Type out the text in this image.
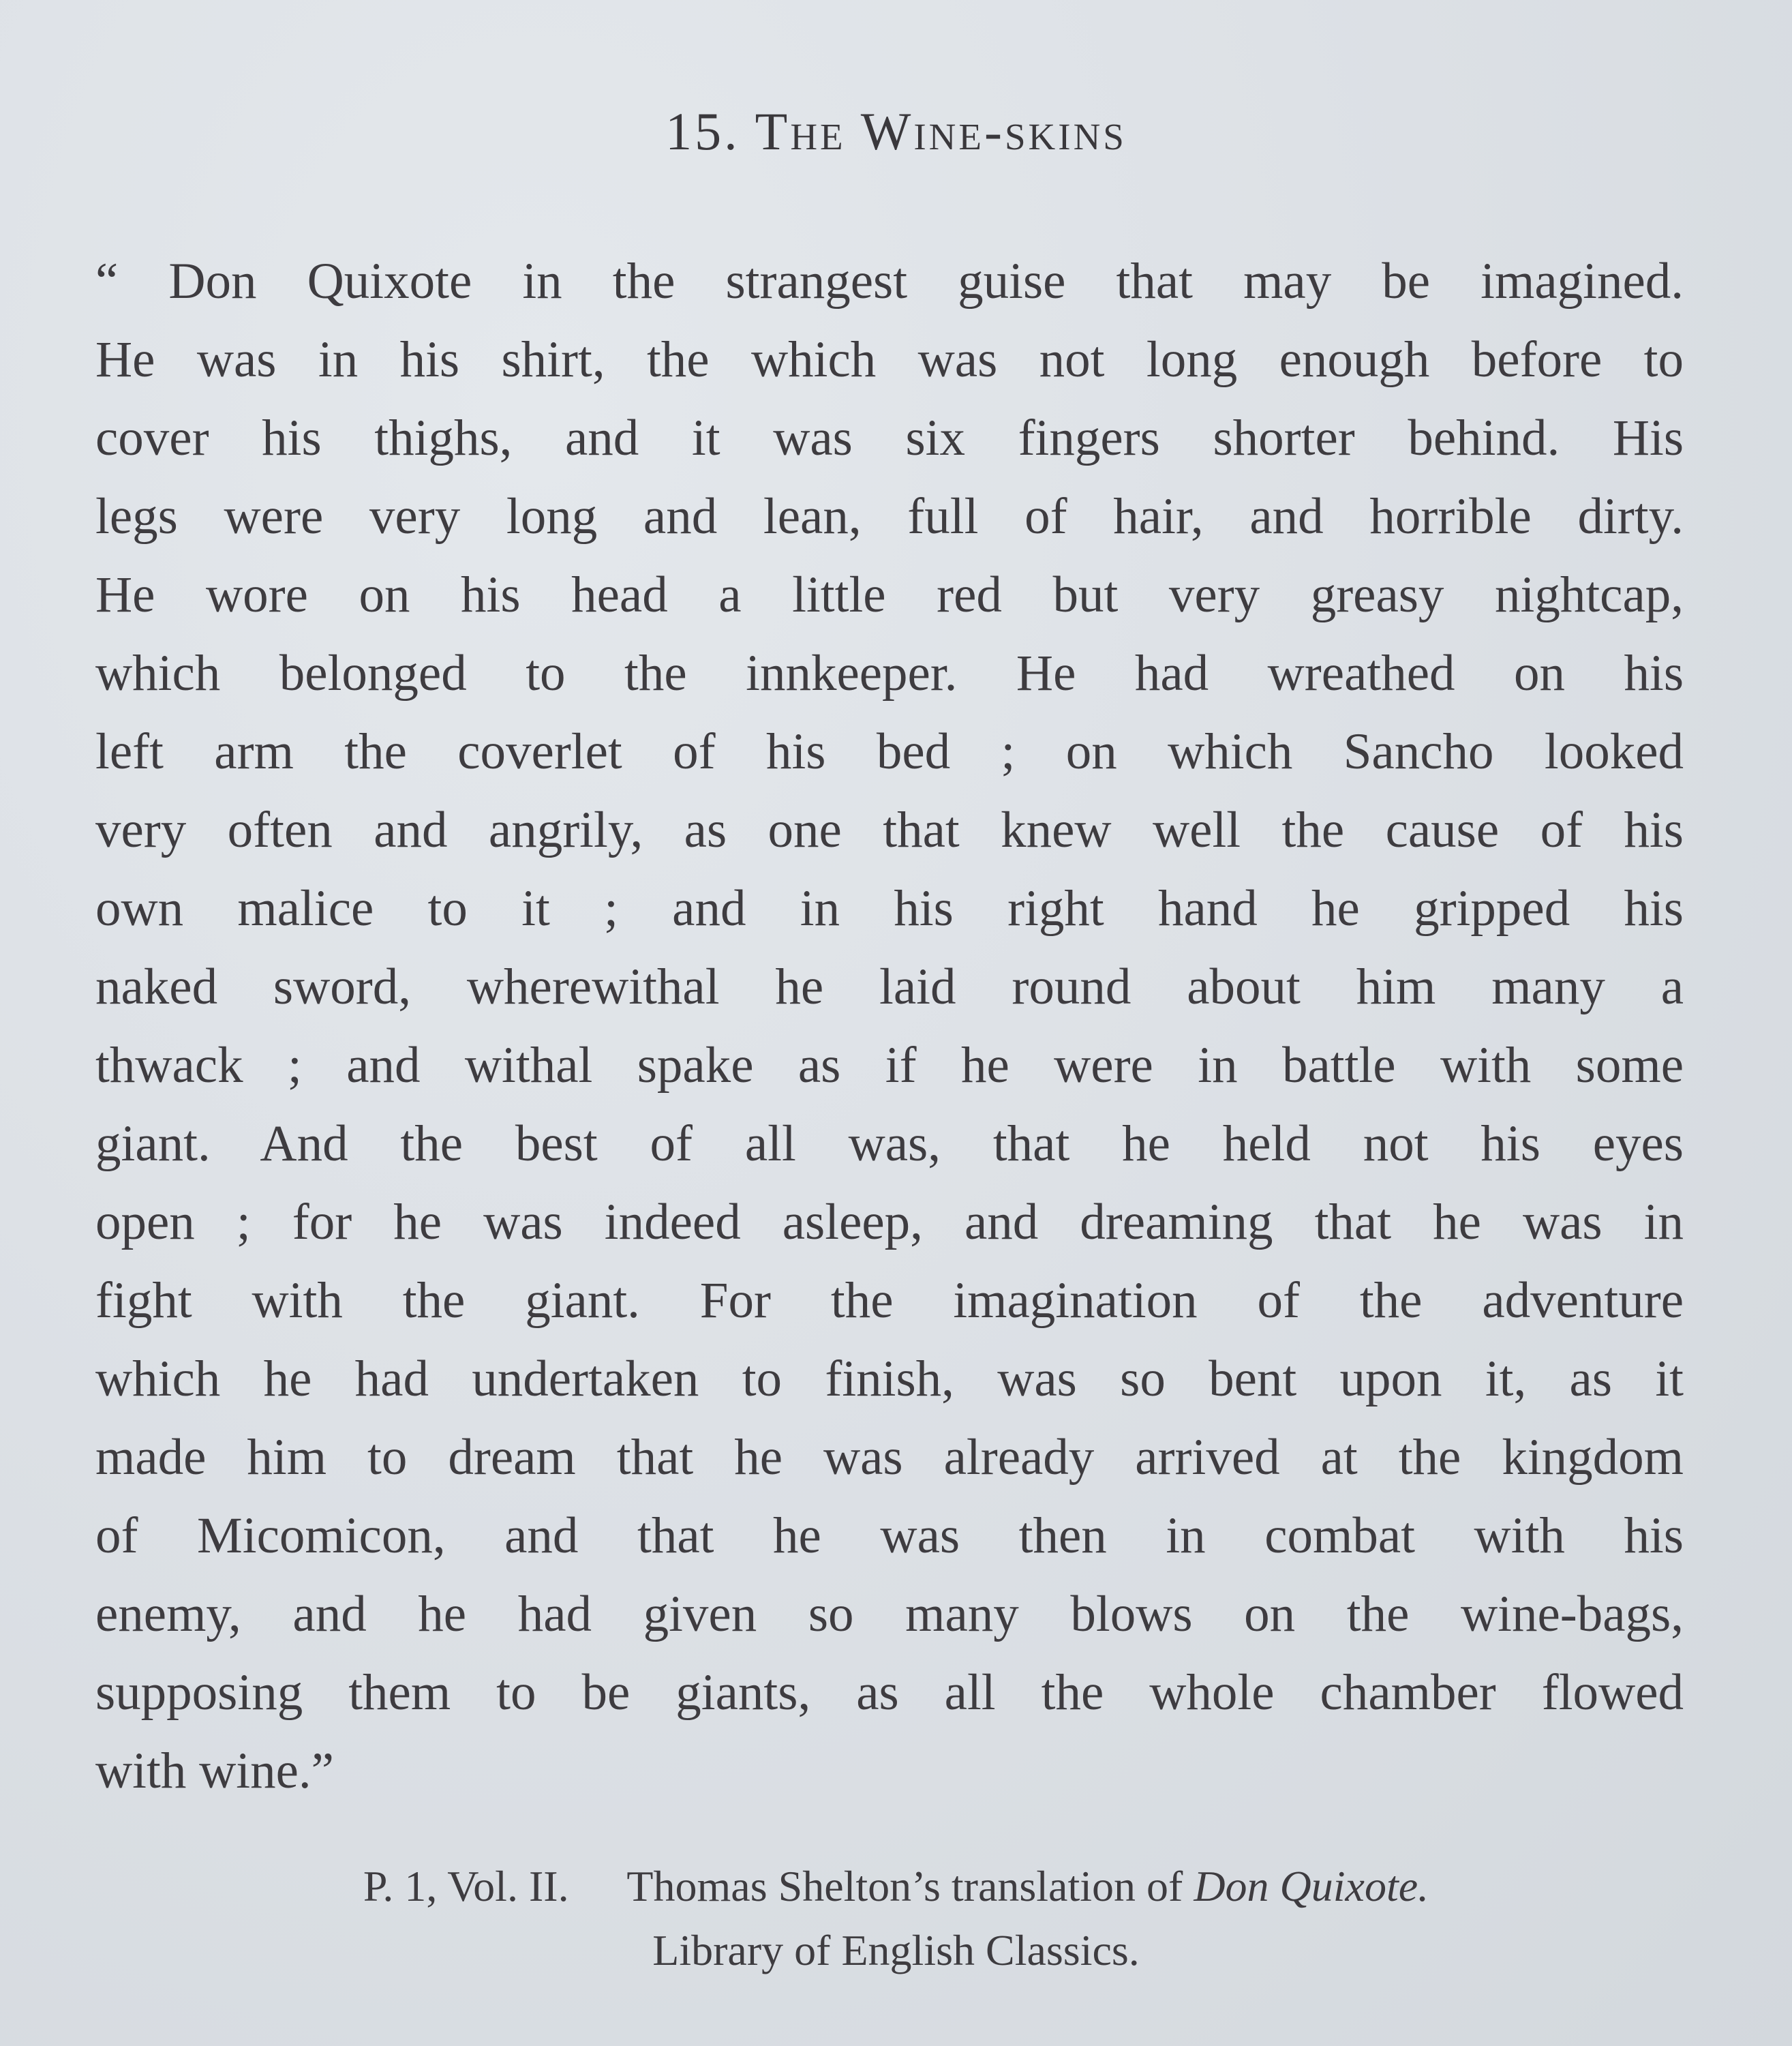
15. The Wine-skins
“ Don Quixote in the strangest guise that may be imagined.
He was in his shirt, the which was not long enough before to
cover his thighs, and it was six fingers shorter behind. His
legs were very long and lean, full of hair, and horrible dirty.
He wore on his head a little red but very greasy nightcap,
which belonged to the innkeeper. He had wreathed on his
left arm the coverlet of his bed ; on which Sancho looked
very often and angrily, as one that knew well the cause of his
own malice to it ; and in his right hand he gripped his
naked sword, wherewithal he laid round about him many a
thwack ; and withal spake as if he were in battle with some
giant. And the best of all was, that he held not his eyes
open ; for he was indeed asleep, and dreaming that he was in
fight with the giant. For the imagination of the adventure
which he had undertaken to finish, was so bent upon it, as it
made him to dream that he was already arrived at the kingdom
of Micomicon, and that he was then in combat with his
enemy, and he had given so many blows on the wine-bags,
supposing them to be giants, as all the whole chamber flowed
with wine.”
P. 1, Vol. II. Thomas Shelton’s translation of Don Quixote.
Library of English Classics.
